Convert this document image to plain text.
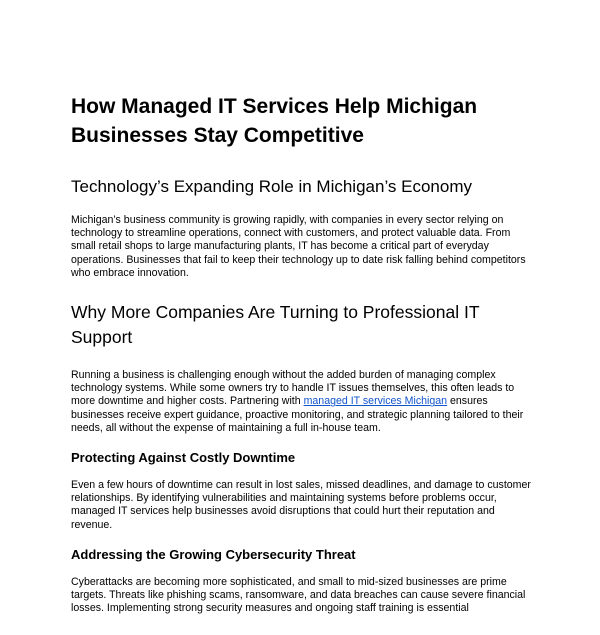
How Managed IT Services Help Michigan Businesses Stay Competitive
Technology’s Expanding Role in Michigan’s Economy

Michigan’s business community is growing rapidly, with companies in every sector relying on technology to streamline operations, connect with customers, and protect valuable data. From small retail shops to large manufacturing plants, IT has become a critical part of everyday operations. Businesses that fail to keep their technology up to date risk falling behind competitors who embrace innovation.

Why More Companies Are Turning to Professional IT Support

Running a business is challenging enough without the added burden of managing complex technology systems. While some owners try to handle IT issues themselves, this often leads to more downtime and higher costs. Partnering with managed IT services Michigan ensures businesses receive expert guidance, proactive monitoring, and strategic planning tailored to their needs, all without the expense of maintaining a full in-house team.

Protecting Against Costly Downtime

Even a few hours of downtime can result in lost sales, missed deadlines, and damage to customer relationships. By identifying vulnerabilities and maintaining systems before problems occur, managed IT services help businesses avoid disruptions that could hurt their reputation and revenue.

Addressing the Growing Cybersecurity Threat

Cyberattacks are becoming more sophisticated, and small to mid-sized businesses are prime targets. Threats like phishing scams, ransomware, and data breaches can cause severe financial losses. Implementing strong security measures and ongoing staff training is essential
